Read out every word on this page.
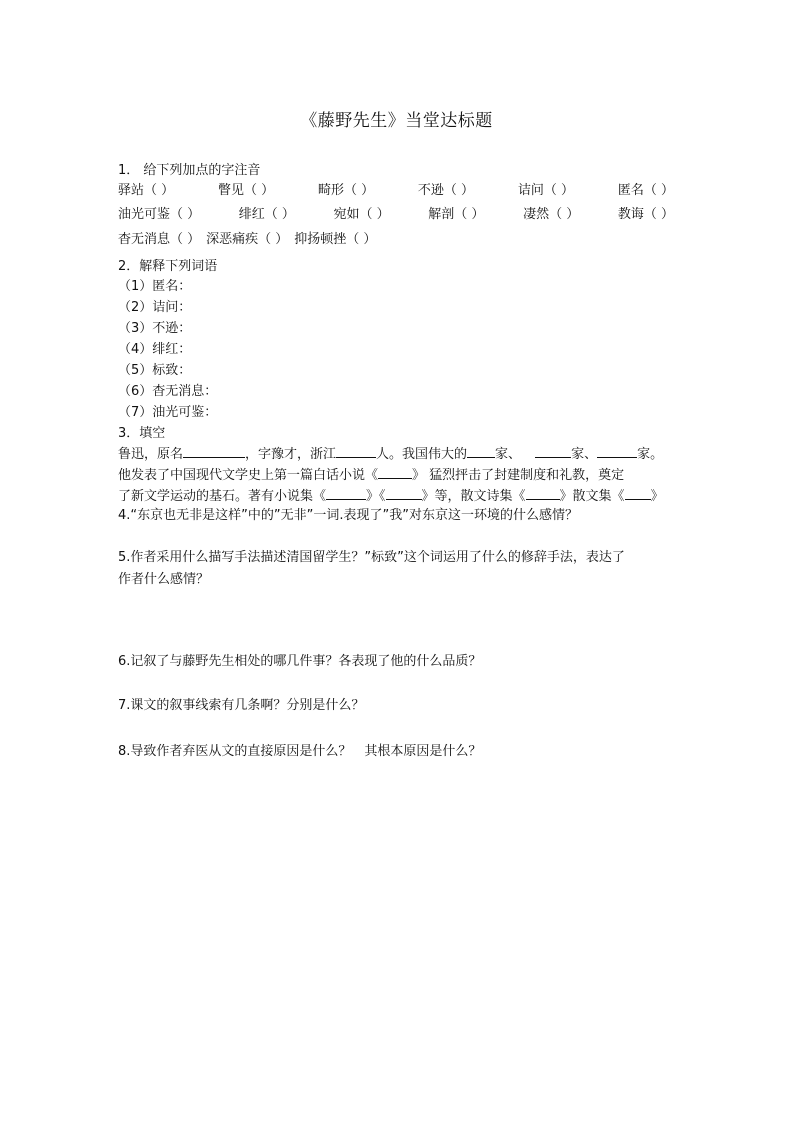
《藤野先生》当堂达标题
1． 给下列加点的字注音
驿站（ ）	瞥见（ ）	畸形（ ）	不逊（ ）	诘问（ ）	匿名（ ）
油光可鉴（ ）	绯红（ ）	宛如（ ）	解剖（ ）	凄然（ ）	教诲（ ）
杳无消息（ ） 深恶痛疾（ ） 抑扬顿挫（ ）
2．解释下列词语
（1）匿名：
（2）诘问：
（3）不逊：
（4）绯红：
（5）标致：
（6）杳无消息：
（7）油光可鉴：
3．填空
鲁迅，原名	，字豫才，浙江	人。我国伟大的 家、	家、	家。
他发表了中国现代文学史上第一篇白话小说《	》 猛烈抨击了封建制度和礼教，奠定
了新文学运动的基石。著有小说集《	》《	》等，散文诗集《	》散文集《 》
4.“东京也无非是这样”中的”无非”一词.表现了”我”对东京这一环境的什么感情？
5.作者采用什么描写手法描述清国留学生？”标致”这个词运用了什么的修辞手法，表达了
作者什么感情？
6.记叙了与藤野先生相处的哪几件事？各表现了他的什么品质？
7.课文的叙事线索有几条啊？分别是什么？
8.导致作者弃医从文的直接原因是什么？　其根本原因是什么？
